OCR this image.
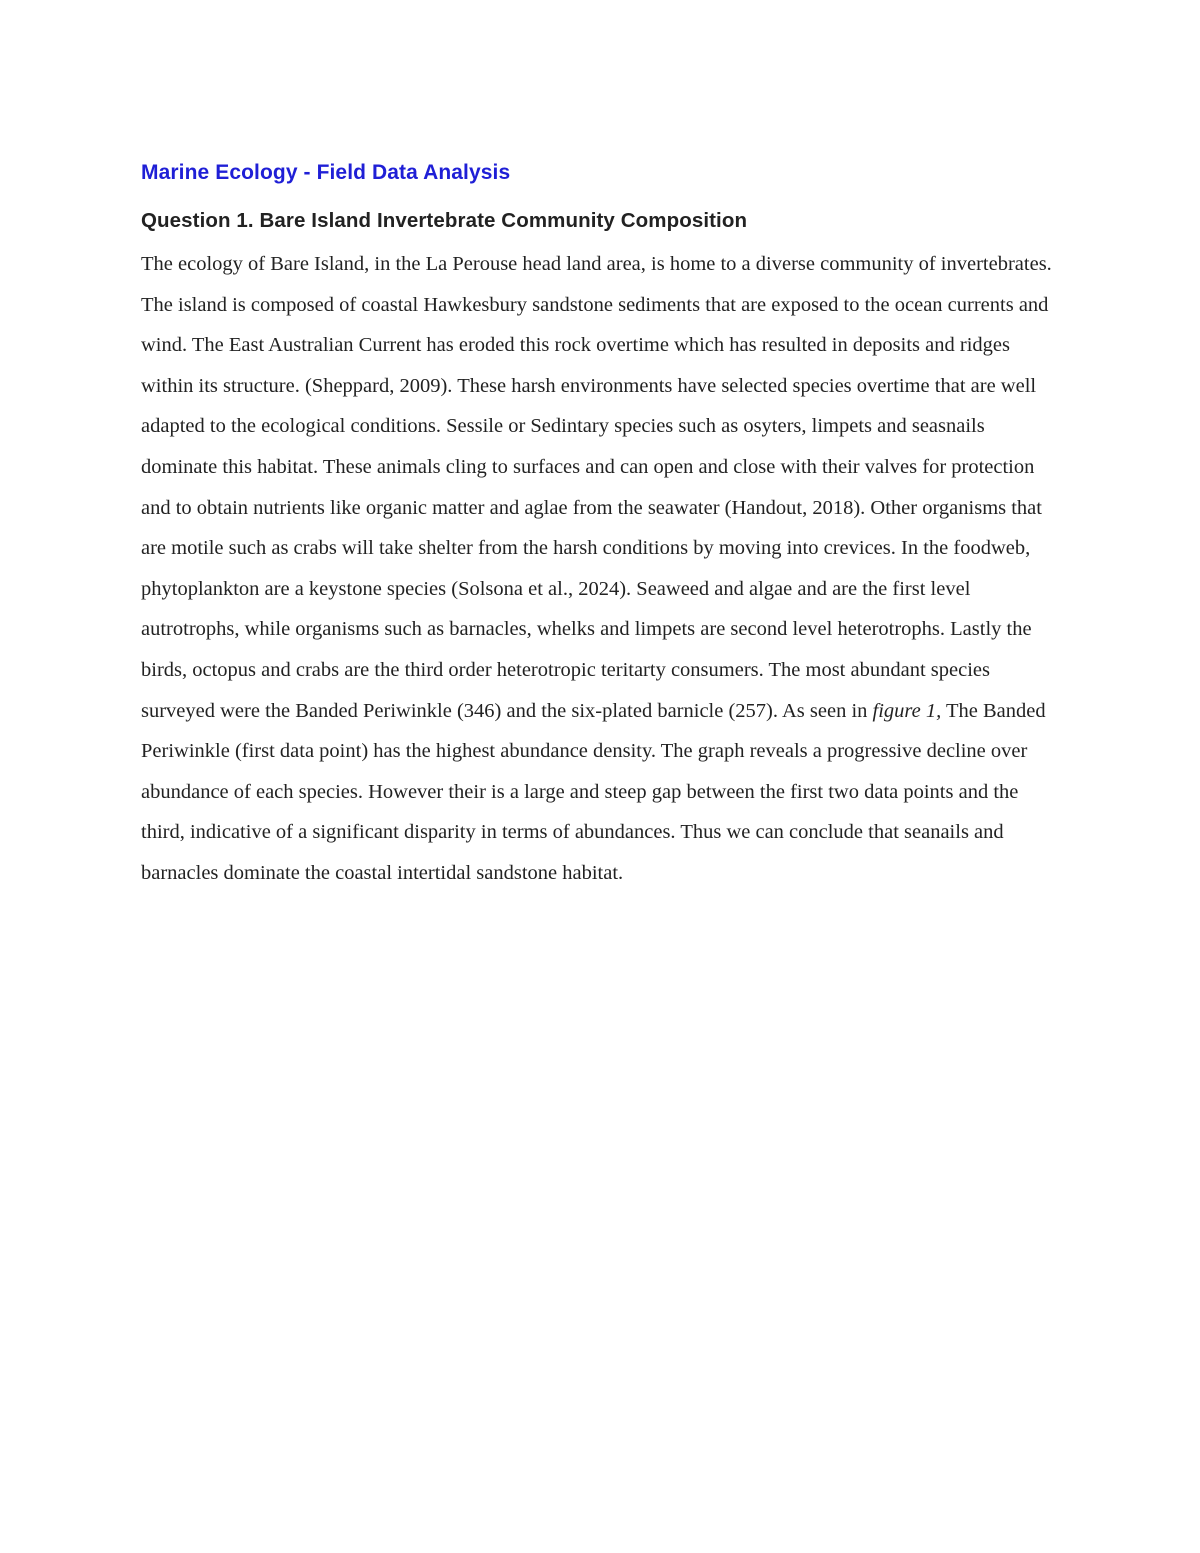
Marine Ecology - Field Data Analysis
Question 1. Bare Island Invertebrate Community Composition

The ecology of Bare Island, in the La Perouse head land area, is home to a diverse community of invertebrates. The island is composed of coastal Hawkesbury sandstone sediments that are exposed to the ocean currents and wind. The East Australian Current has eroded this rock overtime which has resulted in deposits and ridges within its structure. (Sheppard, 2009). These harsh environments have selected species overtime that are well adapted to the ecological conditions. Sessile or Sedintary species such as osyters, limpets and seasnails dominate this habitat. These animals cling to surfaces and can open and close with their valves for protection and to obtain nutrients like organic matter and aglae from the seawater (Handout, 2018). Other organisms that are motile such as crabs will take shelter from the harsh conditions by moving into crevices. In the foodweb, phytoplankton are a keystone species (Solsona et al., 2024). Seaweed and algae and are the first level autrotrophs, while organisms such as barnacles, whelks and limpets are second level heterotrophs. Lastly the birds, octopus and crabs are the third order heterotropic teritarty consumers. The most abundant species surveyed were the Banded Periwinkle (346) and the six-plated barnicle (257). As seen in figure 1, The Banded Periwinkle (first data point) has the highest abundance density. The graph reveals a progressive decline over abundance of each species. However their is a large and steep gap between the first two data points and the third, indicative of a significant disparity in terms of abundances. Thus we can conclude that seanails and barnacles dominate the coastal intertidal sandstone habitat.
